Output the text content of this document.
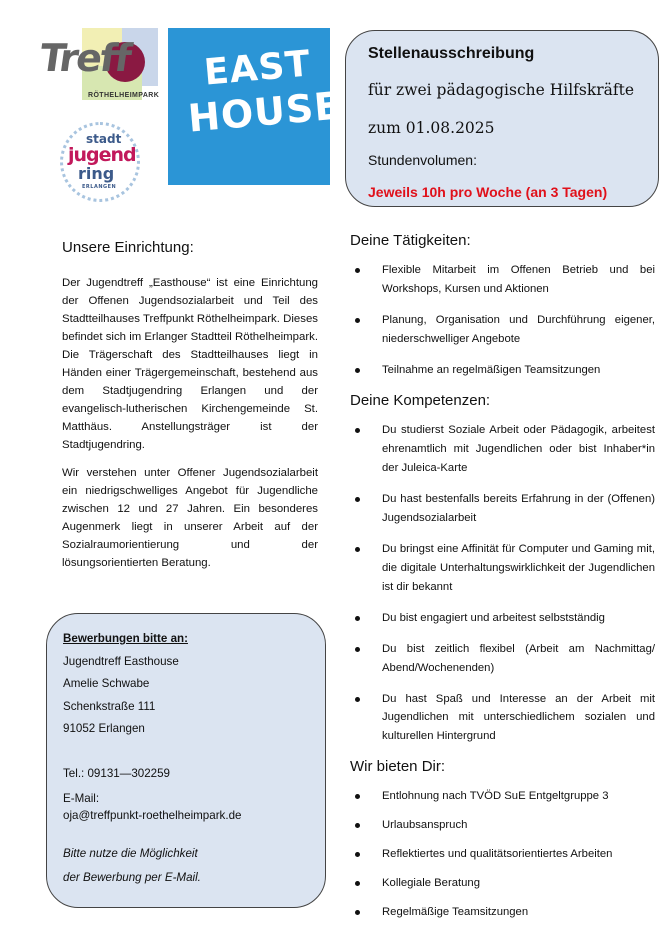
Treff
RÖTHELHEIMPARK
EAST
HOUSE
stadt
jugend
ring
ERLANGEN
Stellenausschreibung
für zwei pädagogische Hilfskräfte
zum 01.08.2025
Stundenvolumen:
Jeweils 10h pro Woche (an 3 Tagen)
Unsere Einrichtung:

Der Jugendtreff „Easthouse“ ist eine Einrichtung der Offenen Jugendsozialarbeit und Teil des Stadtteilhauses Treffpunkt Röthelheimpark. Dieses befindet sich im Erlanger Stadtteil Röthelheimpark. Die Trägerschaft des Stadtteilhauses liegt in Händen einer Trägergemeinschaft, bestehend aus dem Stadtjugendring Erlangen und der evangelisch-lutherischen Kirchengemeinde St. Matthäus. Anstellungsträger ist der Stadtjugendring.

Wir verstehen unter Offener Jugendsozialarbeit ein niedrigschwelliges Angebot für Jugendliche zwischen 12 und 27 Jahren. Ein besonderes Augenmerk liegt in unserer Arbeit auf der Sozialraumorientierung und der lösungsorientierten Beratung.

Bewerbungen bitte an:
Jugendtreff Easthouse
Amelie Schwabe
Schenkstraße 111
91052 Erlangen
Tel.: 09131—302259
E-Mail:
oja@treffpunkt-roethelheimpark.de
Bitte nutze die Möglichkeit
der Bewerbung per E-Mail.
Deine Tätigkeiten:
Flexible Mitarbeit im Offenen Betrieb und bei Workshops, Kursen und Aktionen
Planung, Organisation und Durchführung eigener, niederschwelliger Angebote
Teilnahme an regelmäßigen Teamsitzungen
Deine Kompetenzen:
Du studierst Soziale Arbeit oder Pädagogik, arbeitest ehrenamtlich mit Jugendlichen oder bist Inhaber*in der Juleica-Karte
Du hast bestenfalls bereits Erfahrung in der (Offenen) Jugendsozialarbeit
Du bringst eine Affinität für Computer und Gaming mit, die digitale Unterhaltungswirklichkeit der Jugendlichen ist dir bekannt
Du bist engagiert und arbeitest selbstständig
Du bist zeitlich flexibel (Arbeit am Nachmittag/ Abend/Wochenenden)
Du hast Spaß und Interesse an der Arbeit mit Jugendlichen mit unterschiedlichem sozialen und kulturellen Hintergrund
Wir bieten Dir:
Entlohnung nach TVÖD SuE Entgeltgruppe 3
Urlaubsanspruch
Reflektiertes und qualitätsorientiertes Arbeiten
Kollegiale Beratung
Regelmäßige Teamsitzungen
